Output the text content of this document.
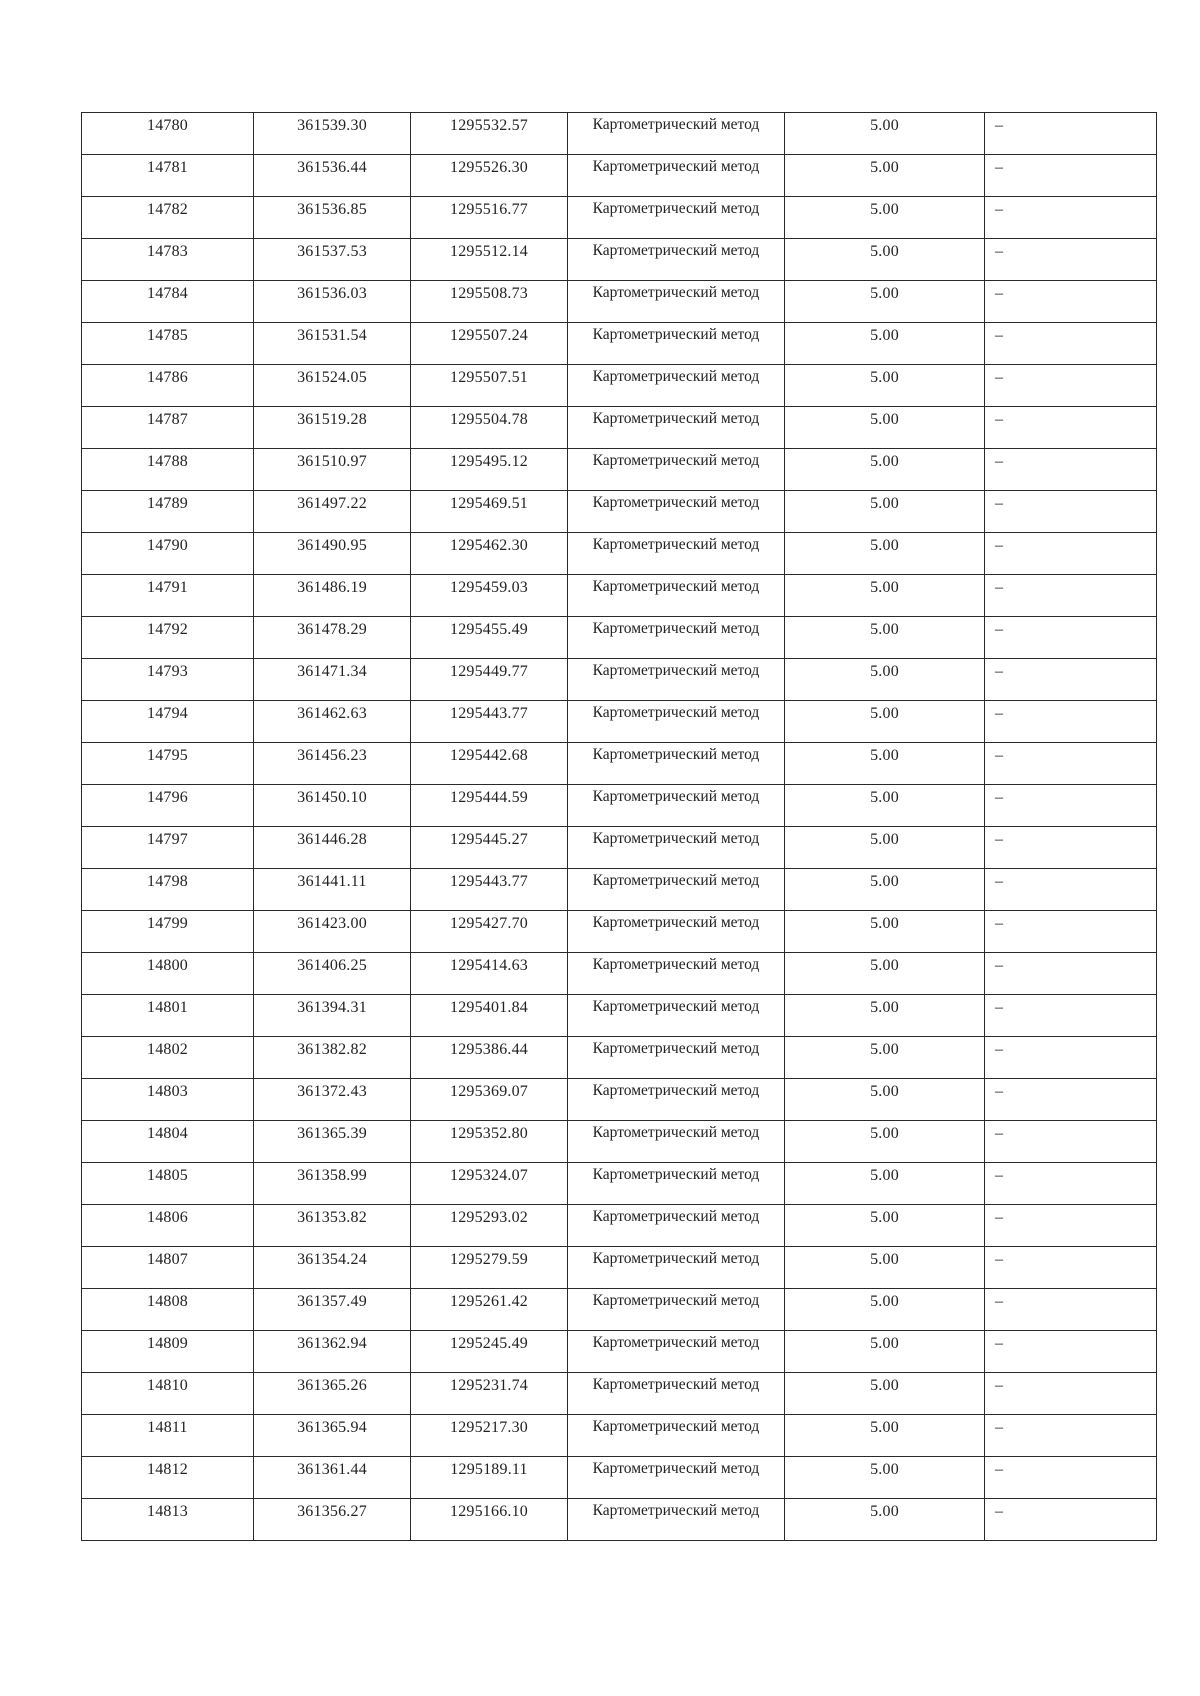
14780	361539.30	1295532.57	Картометрический метод	5.00	–

14781	361536.44	1295526.30	Картометрический метод	5.00	–

14782	361536.85	1295516.77	Картометрический метод	5.00	–

14783	361537.53	1295512.14	Картометрический метод	5.00	–

14784	361536.03	1295508.73	Картометрический метод	5.00	–

14785	361531.54	1295507.24	Картометрический метод	5.00	–

14786	361524.05	1295507.51	Картометрический метод	5.00	–

14787	361519.28	1295504.78	Картометрический метод	5.00	–

14788	361510.97	1295495.12	Картометрический метод	5.00	–

14789	361497.22	1295469.51	Картометрический метод	5.00	–

14790	361490.95	1295462.30	Картометрический метод	5.00	–

14791	361486.19	1295459.03	Картометрический метод	5.00	–

14792	361478.29	1295455.49	Картометрический метод	5.00	–

14793	361471.34	1295449.77	Картометрический метод	5.00	–

14794	361462.63	1295443.77	Картометрический метод	5.00	–

14795	361456.23	1295442.68	Картометрический метод	5.00	–

14796	361450.10	1295444.59	Картометрический метод	5.00	–

14797	361446.28	1295445.27	Картометрический метод	5.00	–

14798	361441.11	1295443.77	Картометрический метод	5.00	–

14799	361423.00	1295427.70	Картометрический метод	5.00	–

14800	361406.25	1295414.63	Картометрический метод	5.00	–

14801	361394.31	1295401.84	Картометрический метод	5.00	–

14802	361382.82	1295386.44	Картометрический метод	5.00	–

14803	361372.43	1295369.07	Картометрический метод	5.00	–

14804	361365.39	1295352.80	Картометрический метод	5.00	–

14805	361358.99	1295324.07	Картометрический метод	5.00	–

14806	361353.82	1295293.02	Картометрический метод	5.00	–

14807	361354.24	1295279.59	Картометрический метод	5.00	–

14808	361357.49	1295261.42	Картометрический метод	5.00	–

14809	361362.94	1295245.49	Картометрический метод	5.00	–

14810	361365.26	1295231.74	Картометрический метод	5.00	–

14811	361365.94	1295217.30	Картометрический метод	5.00	–

14812	361361.44	1295189.11	Картометрический метод	5.00	–

14813	361356.27	1295166.10	Картометрический метод	5.00	–
